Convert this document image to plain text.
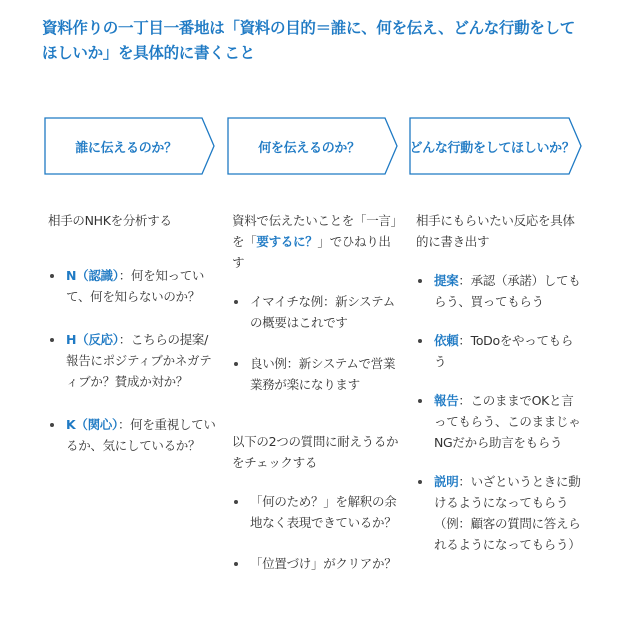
資料作りの一丁目一番地は「資料の目的＝誰に、何を伝え、どんな行動をしてほしいか」を具体的に書くこと
誰に伝えるのか？	何を伝えるのか？	どんな行動をしてほしいか？

相手のNHKを分析する

N（認識）：何を知っていて、何を知らないのか？
H（反応）：こちらの提案/報告にポジティブかネガティブか？賛成か対か？
K（関心）：何を重視しているか、気にしているか？

資料で伝えたいことを「一言」

を「要するに？」でひねり出す

イマイチな例：新システムの概要はこれです
良い例：新システムで営業業務が楽になります

以下の2つの質問に耐えうるかをチェックする

「何のため？」を解釈の余地なく表現できているか？
「位置づけ」がクリアか？

相手にもらいたい反応を具体的に書き出す

提案：承認（承諾）してもらう、買ってもらう
依頼：ToDoをやってもらう
報告：このままでOKと言ってもらう、このままじゃNGだから助言をもらう
説明：いざというときに動けるようになってもらう（例：顧客の質問に答えられるようになってもらう）
